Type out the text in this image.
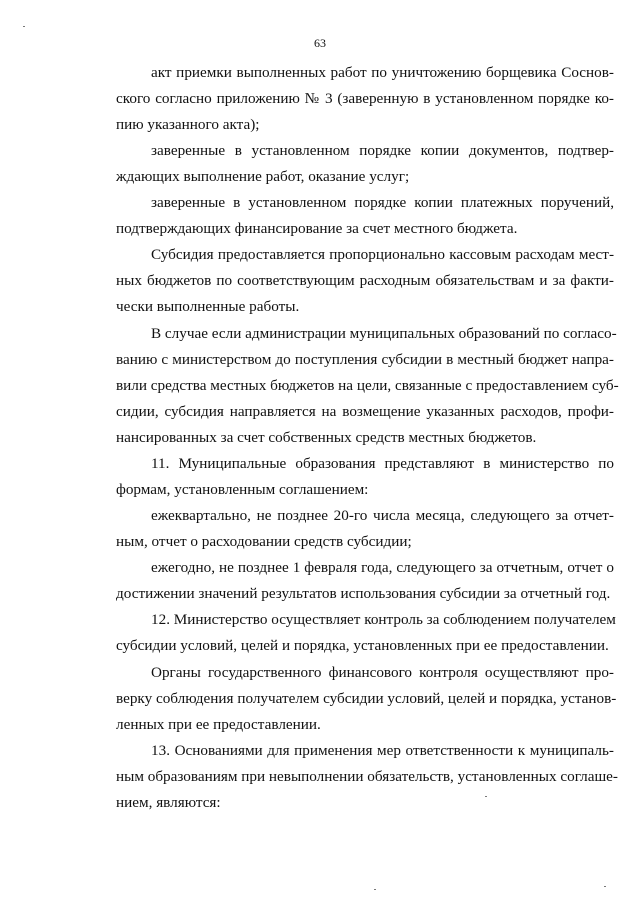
63
акт приемки выполненных работ по уничтожению борщевика Соснов-
ского согласно приложению № 3 (заверенную в установленном порядке ко-
пию указанного акта);
заверенные в установленном порядке копии документов, подтвер-
ждающих выполнение работ, оказание услуг;
заверенные в установленном порядке копии платежных поручений,
подтверждающих финансирование за счет местного бюджета.
Субсидия предоставляется пропорционально кассовым расходам мест-
ных бюджетов по соответствующим расходным обязательствам и за факти-
чески выполненные работы.
В случае если администрации муниципальных образований по согласо-
ванию с министерством до поступления субсидии в местный бюджет напра-
вили средства местных бюджетов на цели, связанные с предоставлением суб-
сидии, субсидия направляется на возмещение указанных расходов, профи-
нансированных за счет собственных средств местных бюджетов.
11. Муниципальные образования представляют в министерство по
формам, установленным соглашением:
ежеквартально, не позднее 20-го числа месяца, следующего за отчет-
ным, отчет о расходовании средств субсидии;
ежегодно, не позднее 1 февраля года, следующего за отчетным, отчет о
достижении значений результатов использования субсидии за отчетный год.
12. Министерство осуществляет контроль за соблюдением получателем
субсидии условий, целей и порядка, установленных при ее предоставлении.
Органы государственного финансового контроля осуществляют про-
верку соблюдения получателем субсидии условий, целей и порядка, установ-
ленных при ее предоставлении.
13. Основаниями для применения мер ответственности к муниципаль-
ным образованиям при невыполнении обязательств, установленных соглаше-
нием, являются:
